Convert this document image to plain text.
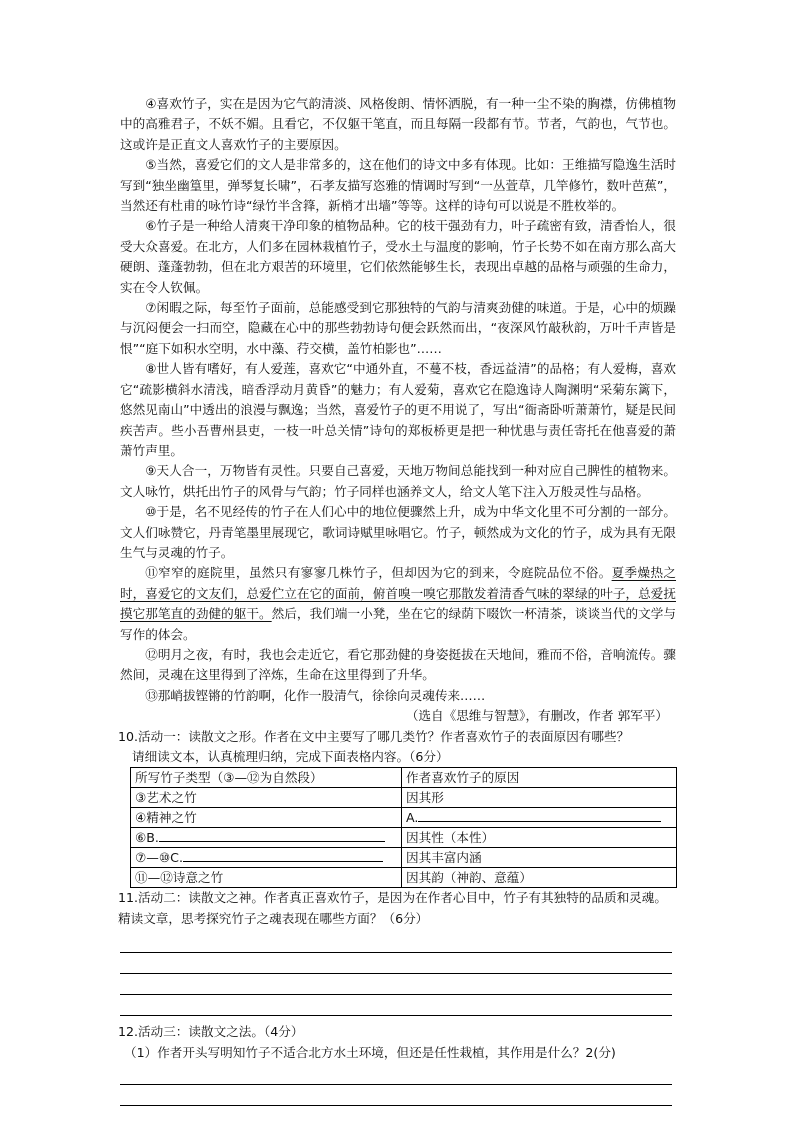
④喜欢竹子，实在是因为它气韵清淡、风格俊朗、情怀洒脱，有一种一尘不染的胸襟，仿佛植物中的高雅君子，不妖不媚。且看它，不仅躯干笔直，而且每隔一段都有节。节者，气韵也，气节也。这或许是正直文人喜欢竹子的主要原因。

⑤当然，喜爱它们的文人是非常多的，这在他们的诗文中多有体现。比如：王维描写隐逸生活时写到“独坐幽篁里，弹琴复长啸”，石孝友描写恣雅的情调时写到“一丛萱草，几竿修竹，数叶芭蕉”，当然还有杜甫的咏竹诗“绿竹半含箨，新梢才出墙”等等。这样的诗句可以说是不胜枚举的。

⑥竹子是一种给人清爽干净印象的植物品种。它的枝干强劲有力，叶子疏密有致，清香怡人，很受大众喜爱。在北方，人们多在园林栽植竹子，受水土与温度的影响，竹子长势不如在南方那么高大硬朗、蓬蓬勃勃，但在北方艰苦的环境里，它们依然能够生长，表现出卓越的品格与顽强的生命力，实在令人钦佩。

⑦闲暇之际，每至竹子面前，总能感受到它那独特的气韵与清爽劲健的味道。于是，心中的烦躁与沉闷便会一扫而空，隐藏在心中的那些勃勃诗句便会跃然而出，“夜深风竹敲秋韵，万叶千声皆是恨”“庭下如积水空明，水中藻、荇交横，盖竹柏影也”……

⑧世人皆有嗜好，有人爱莲，喜欢它“中通外直，不蔓不枝，香远益清”的品格；有人爱梅，喜欢它“疏影横斜水清浅，暗香浮动月黄昏”的魅力；有人爱菊，喜欢它在隐逸诗人陶渊明“采菊东篱下，悠然见南山”中透出的浪漫与飘逸；当然，喜爱竹子的更不用说了，写出“衙斋卧听萧萧竹，疑是民间疾苦声。些小吾曹州县吏，一枝一叶总关情”诗句的郑板桥更是把一种忧患与责任寄托在他喜爱的萧萧竹声里。

⑨天人合一，万物皆有灵性。只要自己喜爱，天地万物间总能找到一种对应自己脾性的植物来。文人咏竹，烘托出竹子的风骨与气韵；竹子同样也涵养文人，给文人笔下注入万般灵性与品格。

⑩于是，名不见经传的竹子在人们心中的地位便骤然上升，成为中华文化里不可分割的一部分。文人们咏赞它，丹青笔墨里展现它，歌词诗赋里咏唱它。竹子，顿然成为文化的竹子，成为具有无限生气与灵魂的竹子。

⑪窄窄的庭院里，虽然只有寥寥几株竹子，但却因为它的到来，令庭院品位不俗。夏季燥热之时，喜爱它的文友们，总爱伫立在它的面前，俯首嗅一嗅它那散发着清香气味的翠绿的叶子，总爱抚摸它那笔直的劲健的躯干。然后，我们端一小凳，坐在它的绿荫下啜饮一杯清茶，谈谈当代的文学与写作的体会。

⑫明月之夜，有时，我也会走近它，看它那劲健的身姿挺拔在天地间，雅而不俗，音响流传。骤然间，灵魂在这里得到了淬炼，生命在这里得到了升华。

⑬那峭拔铿锵的竹韵啊，化作一股清气，徐徐向灵魂传来……

（选自《思维与智慧》，有删改，作者 郭军平）

10.活动一：读散文之形。作者在文中主要写了哪几类竹？作者喜欢竹子的表面原因有哪些？

请细读文本，认真梳理归纳，完成下面表格内容。（6分）

所写竹子类型（③—⑫为自然段）	作者喜欢竹子的原因
③艺术之竹	因其形
④精神之竹	A.
⑥B.	因其性（本性）
⑦—⑩C.	因其丰富内涵
⑪—⑫诗意之竹	因其韵（神韵、意蕴）

11.活动二：读散文之神。作者真正喜欢竹子，是因为在作者心目中，竹子有其独特的品质和灵魂。精读文章，思考探究竹子之魂表现在哪些方面？（6分）

12.活动三：读散文之法。（4分）

（1）作者开头写明知竹子不适合北方水土环境，但还是任性栽植，其作用是什么？2(分)
